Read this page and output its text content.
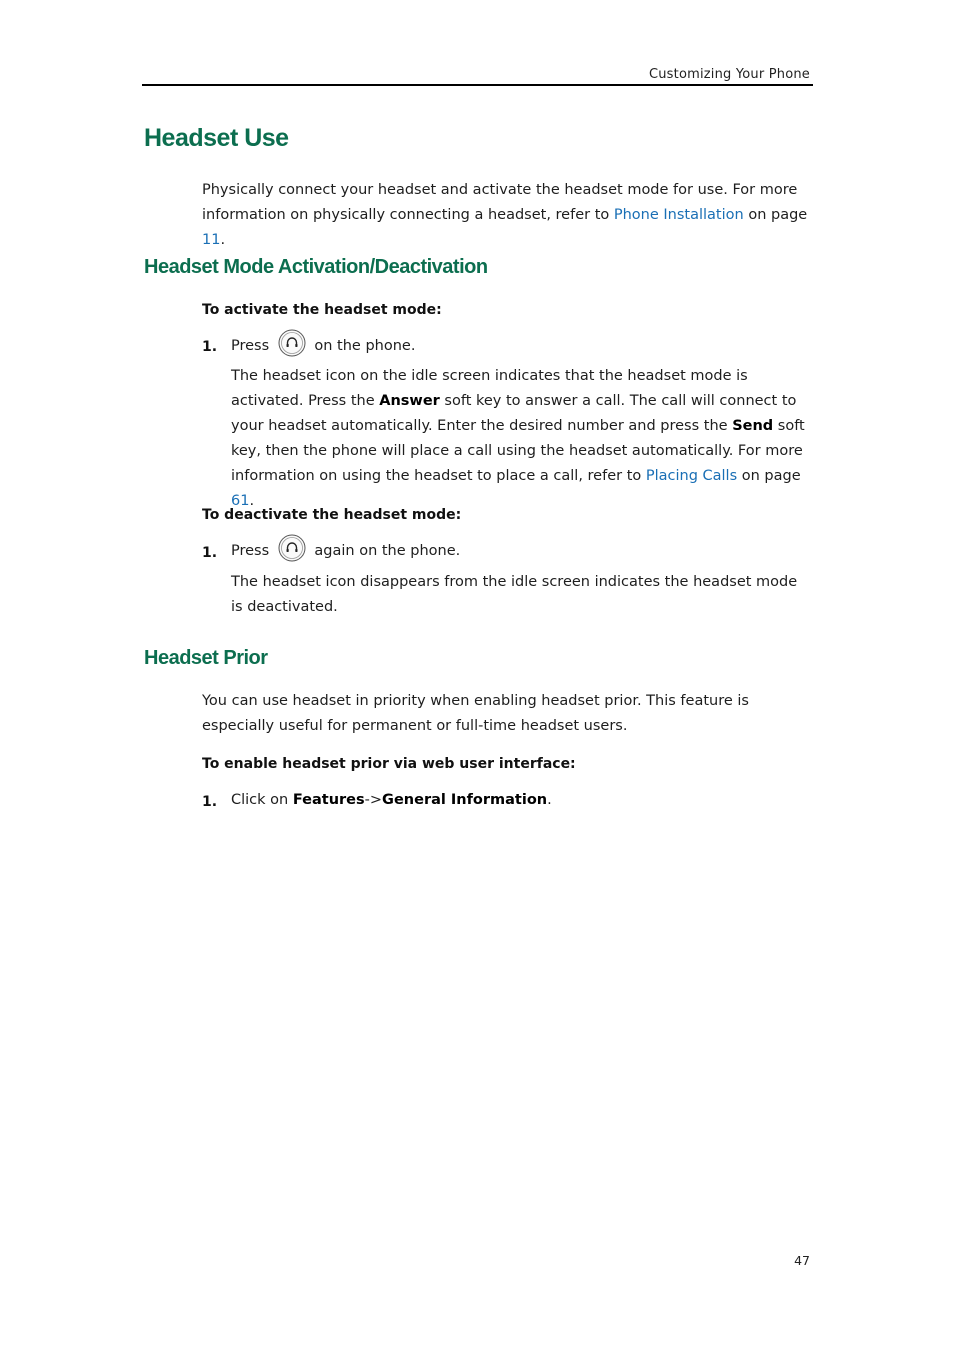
Customizing Your Phone
Headset Use
Physically connect your headset and activate the headset mode for use. For more information on physically connecting a headset, refer to Phone Installation on page 11.
Headset Mode Activation/Deactivation
To activate the headset mode:
1. Press	on the phone.
The headset icon on the idle screen indicates that the headset mode is activated. Press the Answer soft key to answer a call. The call will connect to your headset automatically. Enter the desired number and press the Send soft key, then the phone will place a call using the headset automatically. For more information on using the headset to place a call, refer to Placing Calls on page 61.
To deactivate the headset mode:
1. Press	again on the phone.
The headset icon disappears from the idle screen indicates the headset mode is deactivated.
Headset Prior
You can use headset in priority when enabling headset prior. This feature is especially useful for permanent or full-time headset users.
To enable headset prior via web user interface:
1. Click on Features->General Information.
47
